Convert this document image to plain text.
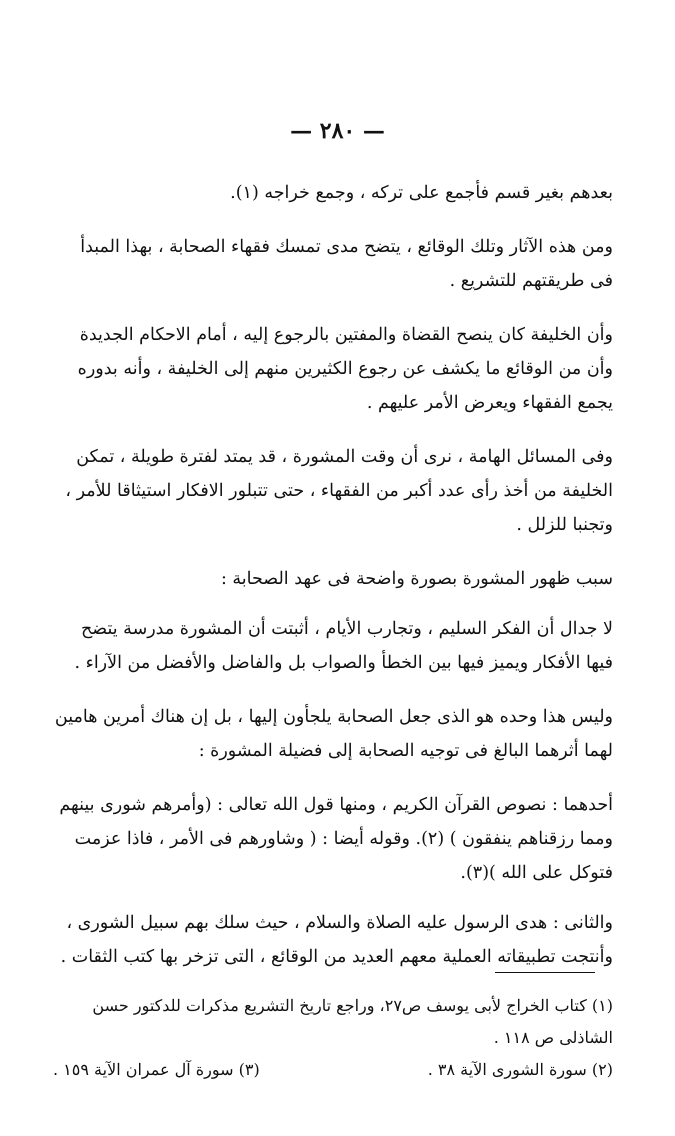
— ٢٨٠ —

بعدهم بغير قسم فأجمع على تركه ، وجمع خراجه (١).

ومن هذه الآثار وتلك الوقائع ، يتضح مدى تمسك فقهاء الصحابة ، بهذا المبدأ فى طريقتهم للتشريع .

وأن الخليفة كان ينصح القضاة والمفتين بالرجوع إليه ، أمام الاحكام الجديدة وأن من الوقائع ما يكشف عن رجوع الكثيرين منهم إلى الخليفة ، وأنه بدوره يجمع الفقهاء ويعرض الأمر عليهم .

وفى المسائل الهامة ، نرى أن وقت المشورة ، قد يمتد لفترة طويلة ، تمكن الخليفة من أخذ رأى عدد أكبر من الفقهاء ، حتى تتبلور الافكار استيثاقا للأمر ، وتجنبا للزلل .

سبب ظهور المشورة بصورة واضحة فى عهد الصحابة :

لا جدال أن الفكر السليم ، وتجارب الأيام ، أثبتت أن المشورة مدرسة يتضح فيها الأفكار ويميز فيها بين الخطأ والصواب بل والفاضل والأفضل من الآراء .

وليس هذا وحده هو الذى جعل الصحابة يلجأون إليها ، بل إن هناك أمرين هامين لهما أثرهما البالغ فى توجيه الصحابة إلى فضيلة المشورة :

أحدهما : نصوص القرآن الكريم ، ومنها قول الله تعالى : (وأمرهم شورى بينهم ومما رزقناهم ينفقون ) (٢). وقوله أيضا : ( وشاورهم فى الأمر ، فاذا عزمت فتوكل على الله )(٣).

والثانى : هدى الرسول عليه الصلاة والسلام ، حيث سلك بهم سبيل الشورى ، وأنتجت تطبيقاته العملية معهم العديد من الوقائع ، التى تزخر بها كتب الثقات .

(١) كتاب الخراج لأبى يوسف ص٢٧، وراجع تاريخ التشريع مذكرات للدكتور حسن الشاذلى ص ١١٨ .
(٢) سورة الشورى الآية ٣٨ .
(٣) سورة آل عمران الآية ١٥٩ .
